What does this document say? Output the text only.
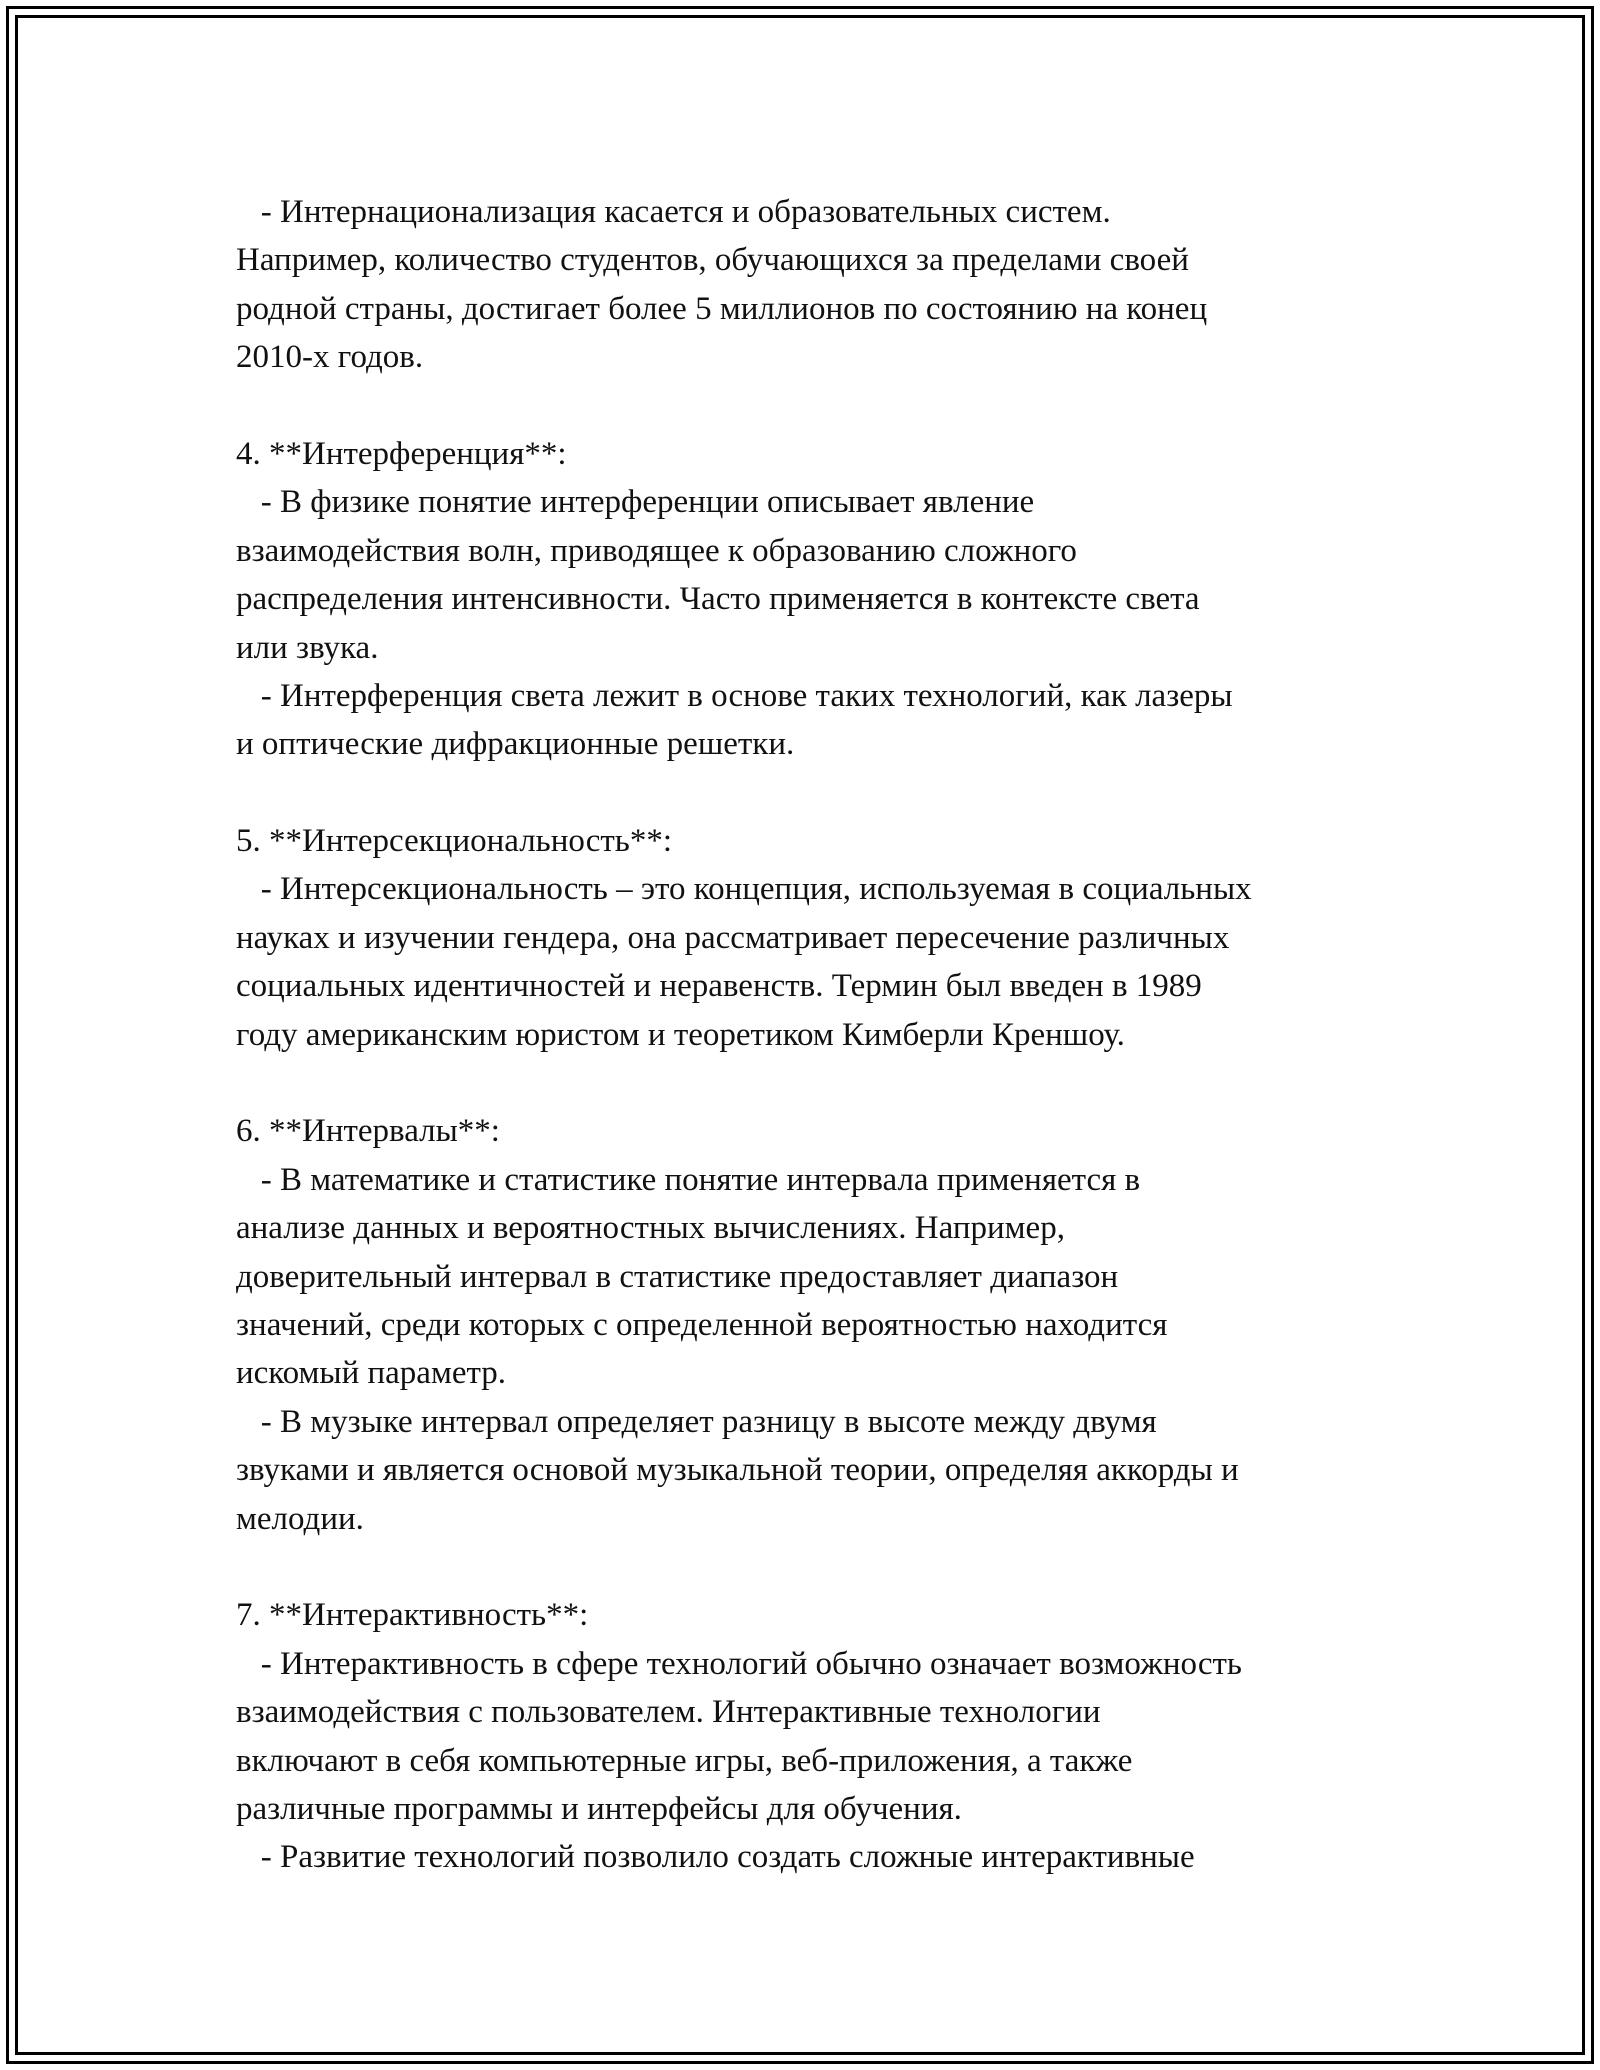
- Интернационализация касается и образовательных систем.
Например, количество студентов, обучающихся за пределами своей
родной страны, достигает более 5 миллионов по состоянию на конец
2010-х годов.
4. **Интерференция**:
- В физике понятие интерференции описывает явление
взаимодействия волн, приводящее к образованию сложного
распределения интенсивности. Часто применяется в контексте света
или звука.
- Интерференция света лежит в основе таких технологий, как лазеры
и оптические дифракционные решетки.
5. **Интерсекциональность**:
- Интерсекциональность – это концепция, используемая в социальных
науках и изучении гендера, она рассматривает пересечение различных
социальных идентичностей и неравенств. Термин был введен в 1989
году американским юристом и теоретиком Кимберли Креншоу.
6. **Интервалы**:
- В математике и статистике понятие интервала применяется в
анализе данных и вероятностных вычислениях. Например,
доверительный интервал в статистике предоставляет диапазон
значений, среди которых с определенной вероятностью находится
искомый параметр.
- В музыке интервал определяет разницу в высоте между двумя
звуками и является основой музыкальной теории, определяя аккорды и
мелодии.
7. **Интерактивность**:
- Интерактивность в сфере технологий обычно означает возможность
взаимодействия с пользователем. Интерактивные технологии
включают в себя компьютерные игры, веб-приложения, а также
различные программы и интерфейсы для обучения.
- Развитие технологий позволило создать сложные интерактивные
